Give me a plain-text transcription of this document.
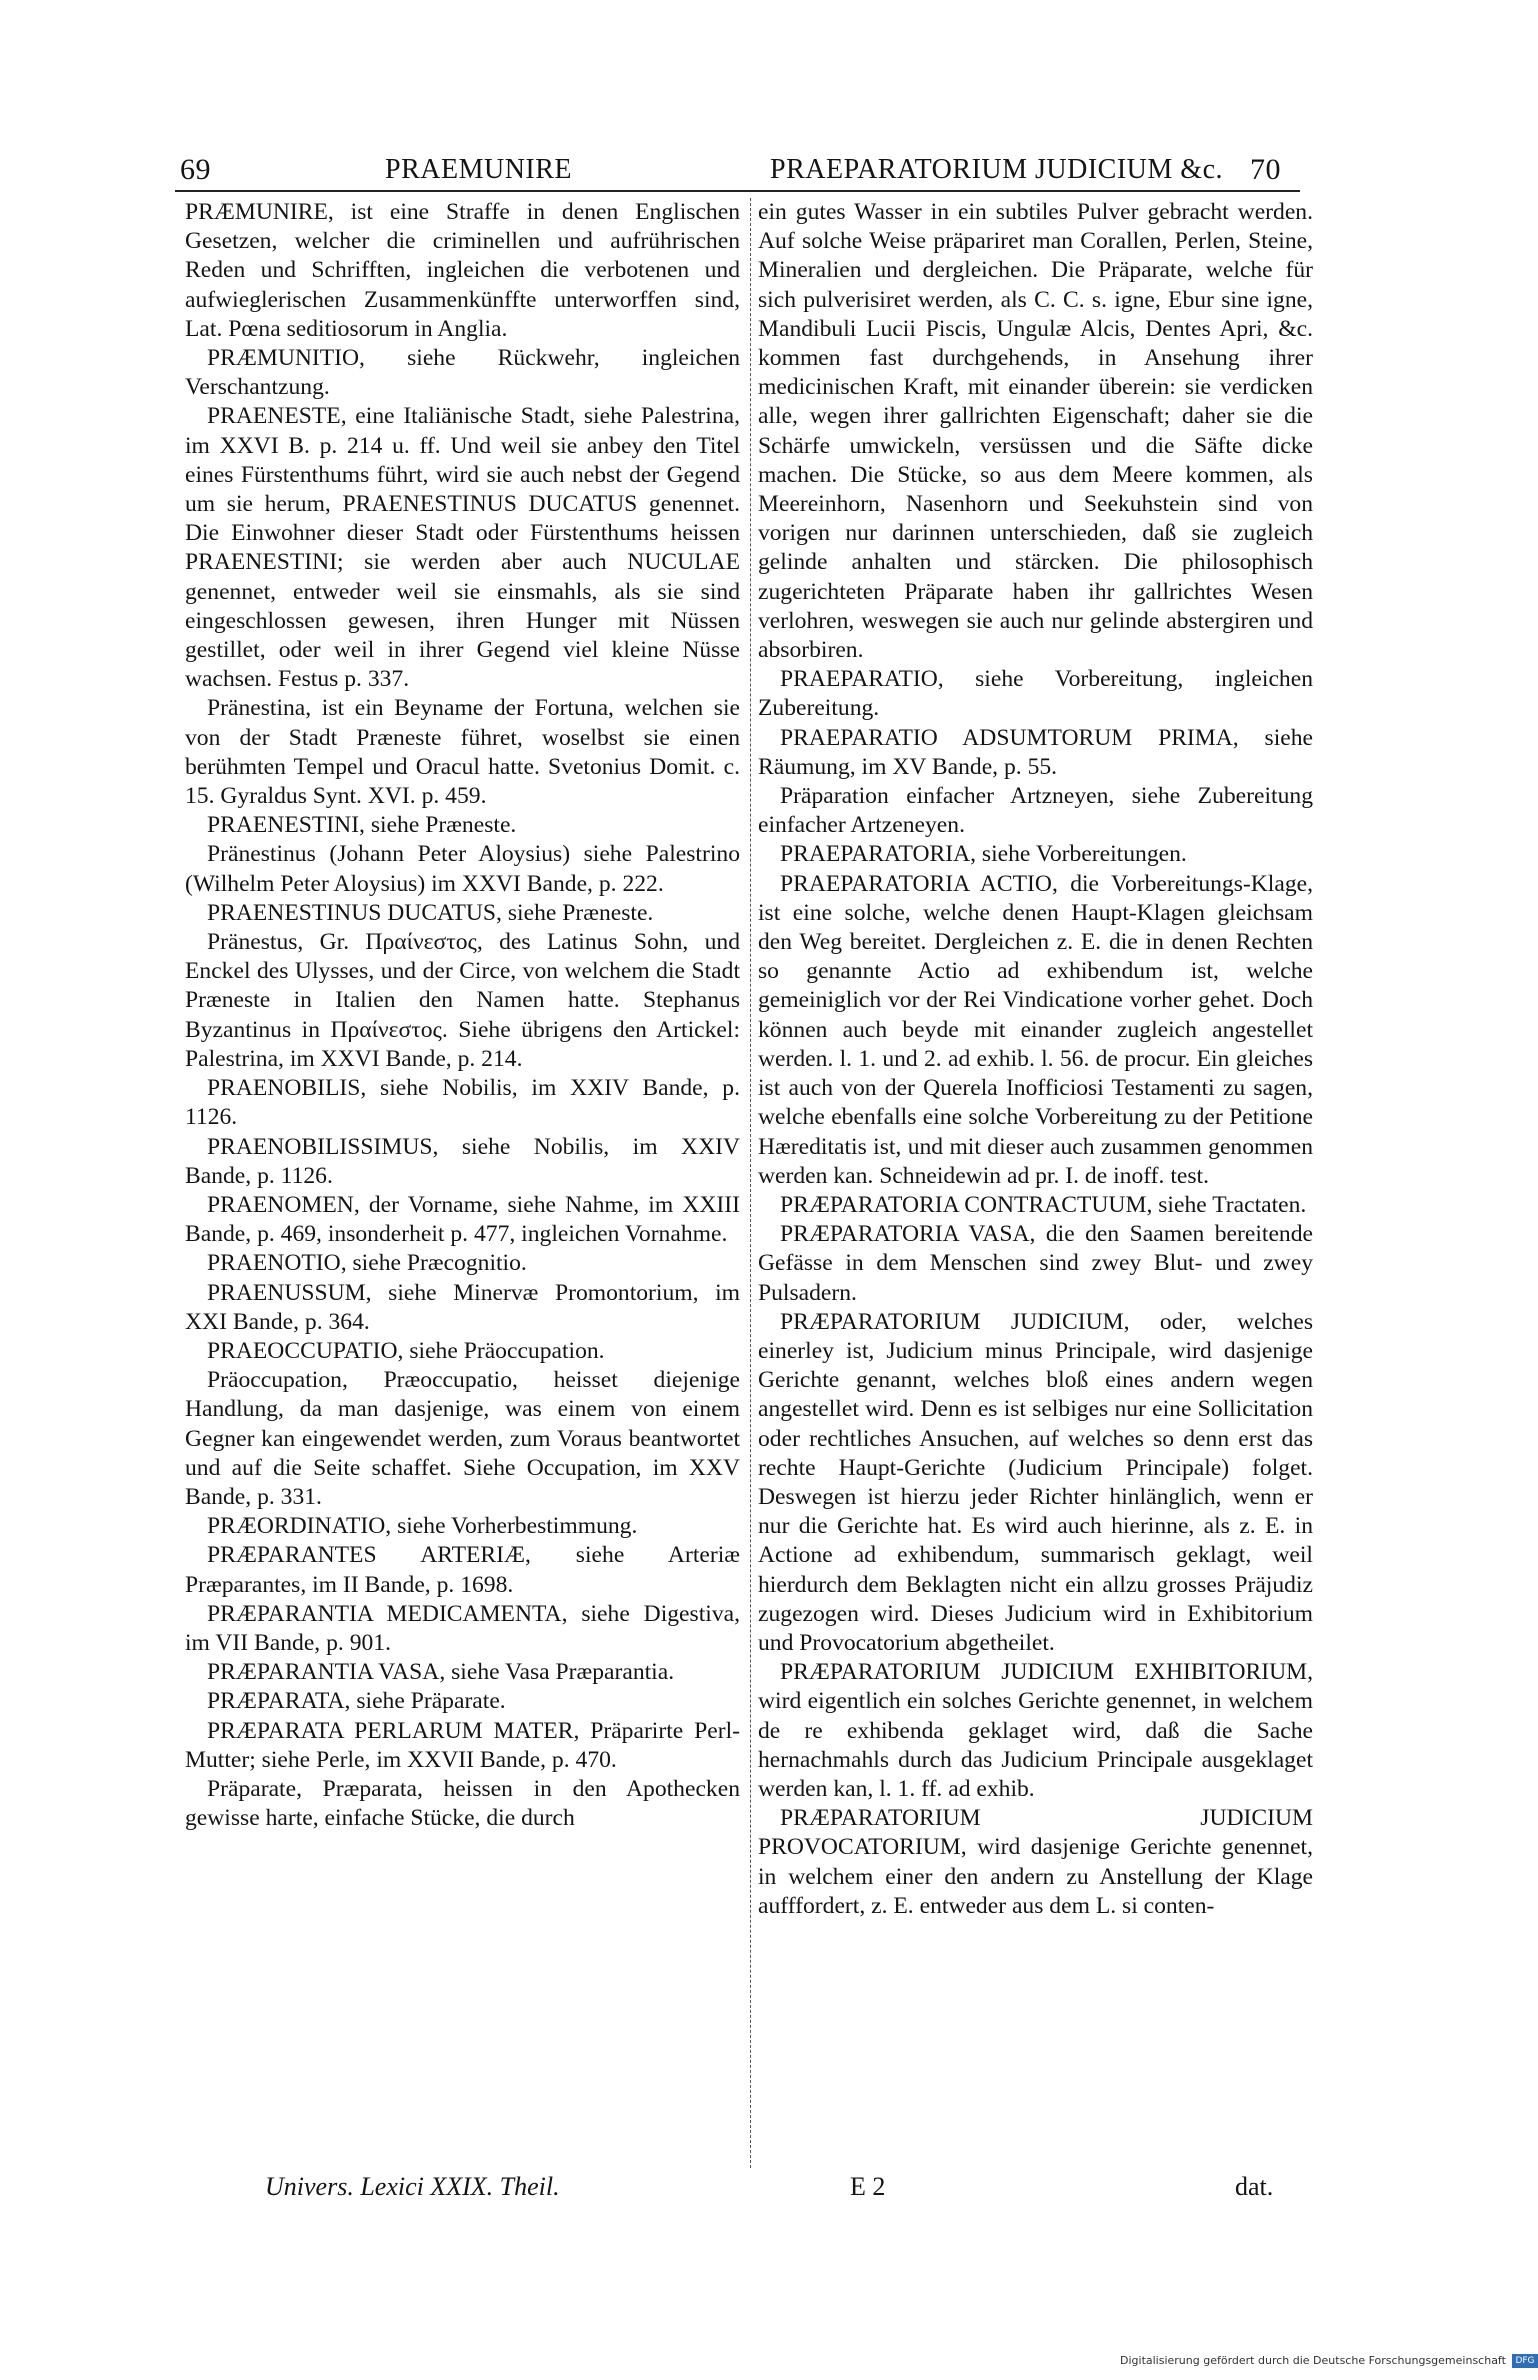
69	PRAEMUNIRE	PRAEPARATORIUM JUDICIUM &c. 70

PRÆMUNIRE, ist eine Straffe in denen Englischen Gesetzen, welcher die criminellen und aufrührischen Reden und Schrifften, ingleichen die verbotenen und aufwieglerischen Zusammenkünffte unterworffen sind, Lat. Pœna seditiosorum in Anglia.

PRÆMUNITIO, siehe Rückwehr, ingleichen Verschantzung.

PRAENESTE, eine Italiänische Stadt, siehe Palestrina, im XXVI B. p. 214 u. ff. Und weil sie anbey den Titel eines Fürstenthums führt, wird sie auch nebst der Gegend um sie herum, PRAENESTINUS DUCATUS genennet. Die Einwohner dieser Stadt oder Fürstenthums heissen PRAENESTINI; sie werden aber auch NUCULAE genennet, entweder weil sie einsmahls, als sie sind eingeschlossen gewesen, ihren Hunger mit Nüssen gestillet, oder weil in ihrer Gegend viel kleine Nüsse wachsen. Festus p. 337.

Pränestina, ist ein Beyname der Fortuna, welchen sie von der Stadt Præneste führet, woselbst sie einen berühmten Tempel und Oracul hatte. Svetonius Domit. c. 15. Gyraldus Synt. XVI. p. 459.

PRAENESTINI, siehe Præneste.

Pränestinus (Johann Peter Aloysius) siehe Palestrino (Wilhelm Peter Aloysius) im XXVI Bande, p. 222.

PRAENESTINUS DUCATUS, siehe Præneste.

Pränestus, Gr. Πραίνεστος, des Latinus Sohn, und Enckel des Ulysses, und der Circe, von welchem die Stadt Præneste in Italien den Namen hatte. Stephanus Byzantinus in Πραίνεστος. Siehe übrigens den Artickel: Palestrina, im XXVI Bande, p. 214.

PRAENOBILIS, siehe Nobilis, im XXIV Bande, p. 1126.

PRAENOBILISSIMUS, siehe Nobilis, im XXIV Bande, p. 1126.

PRAENOMEN, der Vorname, siehe Nahme, im XXIII Bande, p. 469, insonderheit p. 477, ingleichen Vornahme.

PRAENOTIO, siehe Præcognitio.

PRAENUSSUM, siehe Minervæ Promontorium, im XXI Bande, p. 364.

PRAEOCCUPATIO, siehe Präoccupation.

Präoccupation, Præoccupatio, heisset diejenige Handlung, da man dasjenige, was einem von einem Gegner kan eingewendet werden, zum Voraus beantwortet und auf die Seite schaffet. Siehe Occupation, im XXV Bande, p. 331.

PRÆORDINATIO, siehe Vorherbestimmung.

PRÆPARANTES ARTERIÆ, siehe Arteriæ Præparantes, im II Bande, p. 1698.

PRÆPARANTIA MEDICAMENTA, siehe Digestiva, im VII Bande, p. 901.

PRÆPARANTIA VASA, siehe Vasa Præparantia.

PRÆPARATA, siehe Präparate.

PRÆPARATA PERLARUM MATER, Präparirte Perl-Mutter; siehe Perle, im XXVII Bande, p. 470.

Präparate, Præparata, heissen in den Apothecken gewisse harte, einfache Stücke, die durch

ein gutes Wasser in ein subtiles Pulver gebracht werden. Auf solche Weise präpariret man Corallen, Perlen, Steine, Mineralien und dergleichen. Die Präparate, welche für sich pulverisiret werden, als C. C. s. igne, Ebur sine igne, Mandibuli Lucii Piscis, Ungulæ Alcis, Dentes Apri, &c. kommen fast durchgehends, in Ansehung ihrer medicinischen Kraft, mit einander überein: sie verdicken alle, wegen ihrer gallrichten Eigenschaft; daher sie die Schärfe umwickeln, versüssen und die Säfte dicke machen. Die Stücke, so aus dem Meere kommen, als Meereinhorn, Nasenhorn und Seekuhstein sind von vorigen nur darinnen unterschieden, daß sie zugleich gelinde anhalten und stärcken. Die philosophisch zugerichteten Präparate haben ihr gallrichtes Wesen verlohren, weswegen sie auch nur gelinde abstergiren und absorbiren.

PRAEPARATIO, siehe Vorbereitung, ingleichen Zubereitung.

PRAEPARATIO ADSUMTORUM PRIMA, siehe Räumung, im XV Bande, p. 55.

Präparation einfacher Artzneyen, siehe Zubereitung einfacher Artzeneyen.

PRAEPARATORIA, siehe Vorbereitungen.

PRAEPARATORIA ACTIO, die Vorbereitungs-Klage, ist eine solche, welche denen Haupt-Klagen gleichsam den Weg bereitet. Dergleichen z. E. die in denen Rechten so genannte Actio ad exhibendum ist, welche gemeiniglich vor der Rei Vindicatione vorher gehet. Doch können auch beyde mit einander zugleich angestellet werden. l. 1. und 2. ad exhib. l. 56. de procur. Ein gleiches ist auch von der Querela Inofficiosi Testamenti zu sagen, welche ebenfalls eine solche Vorbereitung zu der Petitione Hæreditatis ist, und mit dieser auch zusammen genommen werden kan. Schneidewin ad pr. I. de inoff. test.

PRÆPARATORIA CONTRACTUUM, siehe Tractaten.

PRÆPARATORIA VASA, die den Saamen bereitende Gefässe in dem Menschen sind zwey Blut- und zwey Pulsadern.

PRÆPARATORIUM JUDICIUM, oder, welches einerley ist, Judicium minus Principale, wird dasjenige Gerichte genannt, welches bloß eines andern wegen angestellet wird. Denn es ist selbiges nur eine Sollicitation oder rechtliches Ansuchen, auf welches so denn erst das rechte Haupt-Gerichte (Judicium Principale) folget. Deswegen ist hierzu jeder Richter hinlänglich, wenn er nur die Gerichte hat. Es wird auch hierinne, als z. E. in Actione ad exhibendum, summarisch geklagt, weil hierdurch dem Beklagten nicht ein allzu grosses Präjudiz zugezogen wird. Dieses Judicium wird in Exhibitorium und Provocatorium abgetheilet.

PRÆPARATORIUM JUDICIUM EXHIBITORIUM, wird eigentlich ein solches Gerichte genennet, in welchem de re exhibenda geklaget wird, daß die Sache hernachmahls durch das Judicium Principale ausgeklaget werden kan, l. 1. ff. ad exhib.

PRÆPARATORIUM JUDICIUM PROVOCATORIUM, wird dasjenige Gerichte genennet, in welchem einer den andern zu Anstellung der Klage aufffordert, z. E. entweder aus dem L. si conten-

Univers. Lexici XXIX. Theil.	E 2	dat.
Digitalisierung gefördert durch die Deutsche Forschungsgemeinschaft DFG
